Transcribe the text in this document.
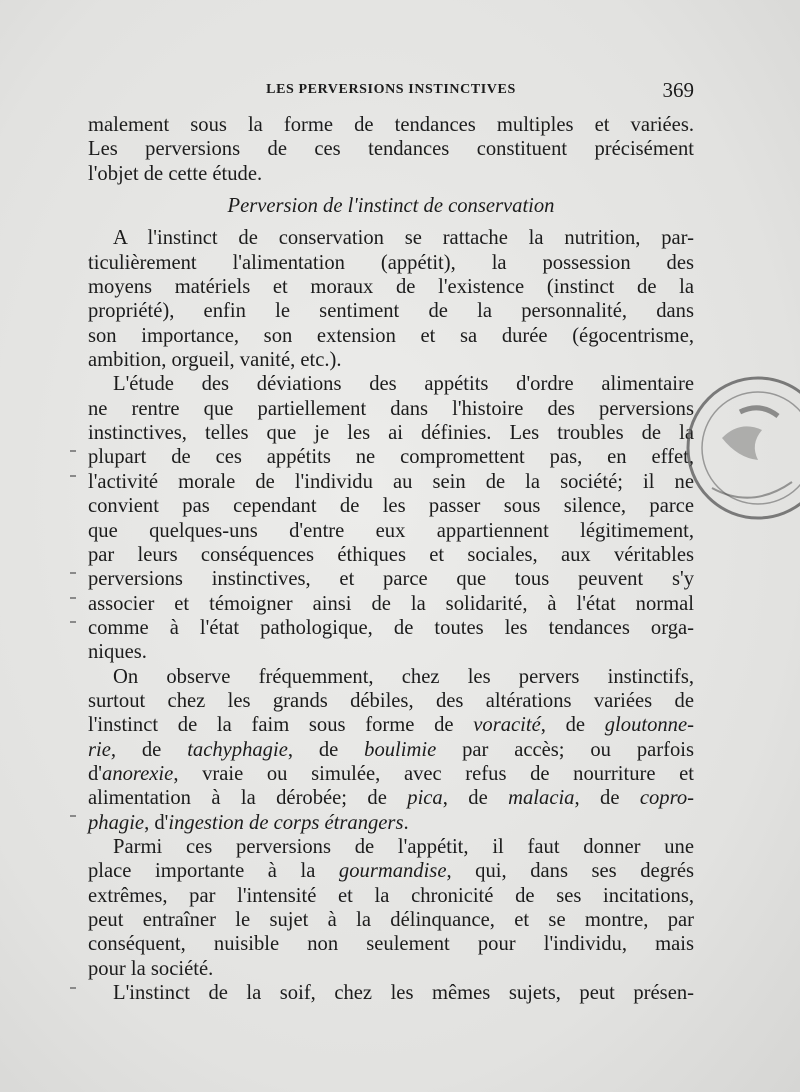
LES PERVERSIONS INSTINCTIVES	369
malement sous la forme de tendances multiples et variées.
Les perversions de ces tendances constituent précisément
l'objet de cette étude.
Perversion de l'instinct de conservation
A l'instinct de conservation se rattache la nutrition, par-
ticulièrement l'alimentation (appétit), la possession des
moyens matériels et moraux de l'existence (instinct de la
propriété), enfin le sentiment de la personnalité, dans
son importance, son extension et sa durée (égocentrisme,
ambition, orgueil, vanité, etc.).
L'étude des déviations des appétits d'ordre alimentaire
ne rentre que partiellement dans l'histoire des perversions
instinctives, telles que je les ai définies. Les troubles de la
plupart de ces appétits ne compromettent pas, en effet,
l'activité morale de l'individu au sein de la société; il ne
convient pas cependant de les passer sous silence, parce
que quelques-uns d'entre eux appartiennent légitimement,
par leurs conséquences éthiques et sociales, aux véritables
perversions instinctives, et parce que tous peuvent s'y
associer et témoigner ainsi de la solidarité, à l'état normal
comme à l'état pathologique, de toutes les tendances orga-
niques.
On observe fréquemment, chez les pervers instinctifs,
surtout chez les grands débiles, des altérations variées de
l'instinct de la faim sous forme de voracité, de gloutonne-
rie, de tachyphagie, de boulimie par accès; ou parfois
d'anorexie, vraie ou simulée, avec refus de nourriture et
alimentation à la dérobée; de pica, de malacia, de copro-
phagie, d'ingestion de corps étrangers.
Parmi ces perversions de l'appétit, il faut donner une
place importante à la gourmandise, qui, dans ses degrés
extrêmes, par l'intensité et la chronicité de ses incitations,
peut entraîner le sujet à la délinquance, et se montre, par
conséquent, nuisible non seulement pour l'individu, mais
pour la société.
L'instinct de la soif, chez les mêmes sujets, peut présen-
